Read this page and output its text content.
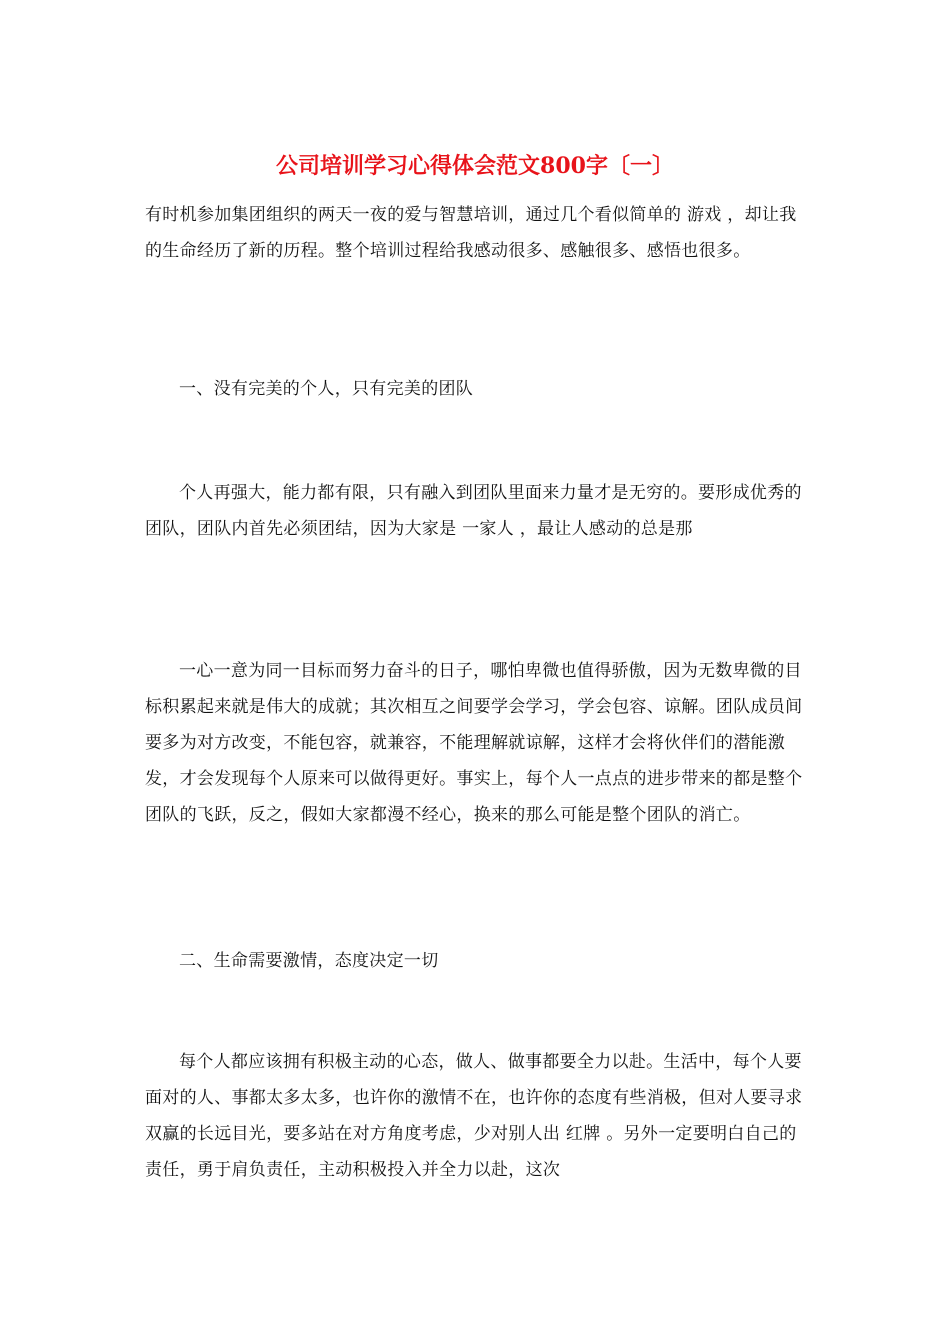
公司培训学习心得体会范文800字〔一〕

有时机参加集团组织的两天一夜的爱与智慧培训，通过几个看似简单的 游戏 ，却让我的生命经历了新的历程。整个培训过程给我感动很多、感触很多、感悟也很多。

一、没有完美的个人，只有完美的团队

个人再强大，能力都有限，只有融入到团队里面来力量才是无穷的。要形成优秀的团队，团队内首先必须团结，因为大家是 一家人 ，最让人感动的总是那

一心一意为同一目标而努力奋斗的日子，哪怕卑微也值得骄傲，因为无数卑微的目标积累起来就是伟大的成就；其次相互之间要学会学习，学会包容、谅解。团队成员间要多为对方改变，不能包容，就兼容，不能理解就谅解，这样才会将伙伴们的潜能激发，才会发现每个人原来可以做得更好。事实上，每个人一点点的进步带来的都是整个团队的飞跃，反之，假如大家都漫不经心，换来的那么可能是整个团队的消亡。

二、生命需要激情，态度决定一切

每个人都应该拥有积极主动的心态，做人、做事都要全力以赴。生活中，每个人要面对的人、事都太多太多，也许你的激情不在，也许你的态度有些消极，但对人要寻求双赢的长远目光，要多站在对方角度考虑，少对别人出 红牌 。另外一定要明白自己的责任，勇于肩负责任，主动积极投入并全力以赴，这次
